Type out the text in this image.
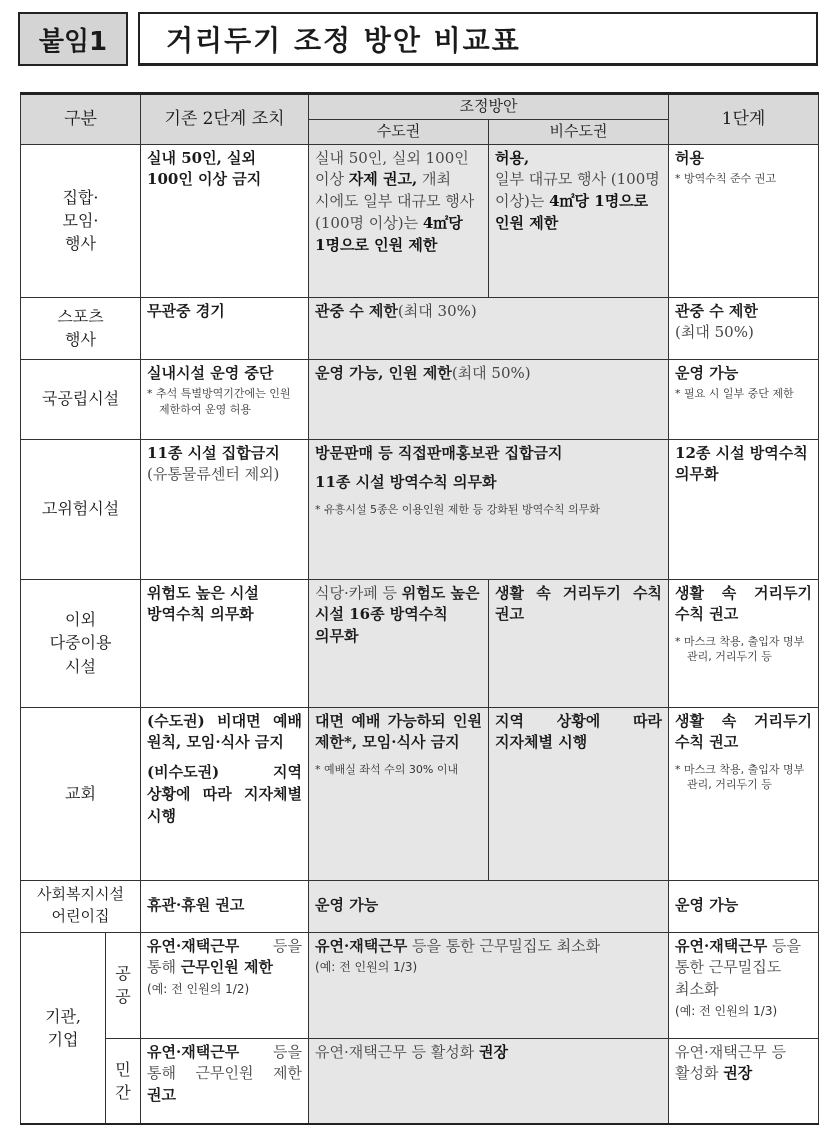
붙임1	거리두기 조정 방안 비교표
구분		기존 2단계 조치	조정방안		1단계
			수도권	비수도권	
집합·
모임·
행사		실내 50인, 실외 100인 이상 금지	실내 50인, 실외 100인 이상 자제 권고, 개최 시에도 일부 대규모 행사 (100명 이상)는 4㎡당 1명으로 인원 제한	허용,
일부 대규모 행사 (100명 이상)는 4㎡당 1명으로 인원 제한	허용
* 방역수칙 준수 권고

스포츠
행사		무관중 경기	관중 수 제한(최대 30%)		관중 수 제한
(최대 50%)
국공립시설		실내시설 운영 중단
* 추석 특별방역기간에는 인원 제한하여 운영 허용	운영 가능, 인원 제한(최대 50%)		운영 가능
* 필요 시 일부 중단 제한

고위험시설		11종 시설 집합금지
(유통물류센터 제외)	방문판매 등 직접판매홍보관 집합금지
11종 시설 방역수칙 의무화
* 유흥시설 5종은 이용인원 제한 등 강화된 방역수칙 의무화		12종 시설 방역수칙 의무화
이외
다중이용
시설		위험도 높은 시설 방역수칙 의무화	식당·카페 등 위험도 높은 시설 16종 방역수칙 의무화	생활 속 거리두기 수칙 권고	생활 속 거리두기 수칙 권고
* 마스크 착용, 출입자 명부 관리, 거리두기 등

교회		(수도권) 비대면 예배 원칙, 모임·식사 금지
(비수도권) 지역 상황에 따라 지자체별 시행	대면 예배 가능하되 인원 제한*, 모임·식사 금지
* 예배실 좌석 수의 30% 이내	지역 상황에 따라 지자체별 시행	생활 속 거리두기 수칙 권고
* 마스크 착용, 출입자 명부 관리, 거리두기 등

사회복지시설
어린이집		휴관·휴원 권고	운영 가능		운영 가능
기관,
기업	공
공	유연·재택근무 등을 통해 근무인원 제한
(예: 전 인원의 1/2)	유연·재택근무 등을 통한 근무밀집도 최소화
(예: 전 인원의 1/3)		유연·재택근무 등을 통한 근무밀집도 최소화
(예: 전 인원의 1/3)

	민
간	유연·재택근무 등을 통해 근무인원 제한 권고	유연·재택근무 등 활성화 권장		유연·재택근무 등 활성화 권장
